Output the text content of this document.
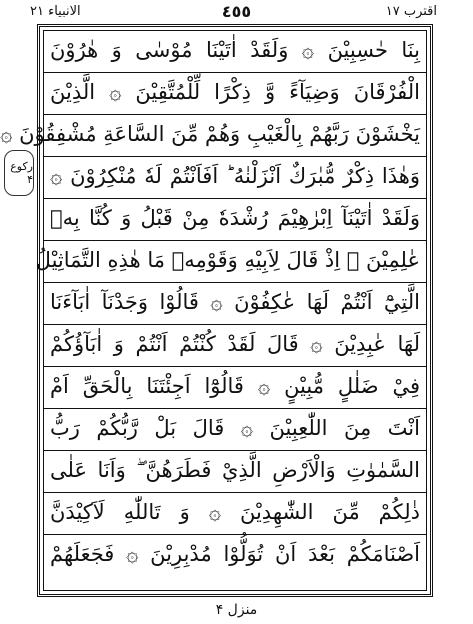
الانبياء ٢١	٤٥٥	اقترب ١٧
رکوع ۴
بِنَا حٰسِبِيْنَ ۞ وَلَقَدْ اٰتَيْنَا مُوْسٰى وَ هٰرُوْنَ
الْفُرْقَانَ وَضِيَآءً وَّ ذِكْرًا لِّلْمُتَّقِيْنَ ۞ الَّذِيْنَ
يَخْشَوْنَ رَبَّهُمْ بِالْغَيْبِ وَهُمْ مِّنَ السَّاعَةِ مُشْفِقُوْنَ ۞
وَهٰذَا ذِكْرٌ مُّبٰرَكٌ اَنْزَلْنٰهُ ؕ اَفَاَنْتُمْ لَهٗ مُنْكِرُوْنَ ۞
وَلَقَدْ اٰتَيْنَآ اِبْرٰهِيْمَ رُشْدَهٗ مِنْ قَبْلُ وَ كُنَّا بِهٖ
عٰلِمِيْنَ ۞ اِذْ قَالَ لِاَبِيْهِ وَقَوْمِهٖ مَا هٰذِهِ التَّمَاثِيْلُ
الَّتِيْٓ اَنْتُمْ لَهَا عٰكِفُوْنَ ۞ قَالُوْا وَجَدْنَآ اٰبَآءَنَا
لَهَا عٰبِدِيْنَ ۞ قَالَ لَقَدْ كُنْتُمْ اَنْتُمْ وَ اٰبَآؤُكُمْ
فِيْ ضَلٰلٍ مُّبِيْنٍ ۞ قَالُوْٓا اَجِئْتَنَا بِالْحَقِّ اَمْ
اَنْتَ مِنَ اللّٰعِبِيْنَ ۞ قَالَ بَلْ رَّبُّكُمْ رَبُّ
السَّمٰوٰتِ وَالْاَرْضِ الَّذِيْ فَطَرَهُنَّ ۖ وَاَنَا عَلٰى
ذٰلِكُمْ مِّنَ الشّٰهِدِيْنَ ۞ وَ تَاللّٰهِ لَاَكِيْدَنَّ
اَصْنَامَكُمْ بَعْدَ اَنْ تُوَلُّوْا مُدْبِرِيْنَ ۞ فَجَعَلَهُمْ
منزل ۴
